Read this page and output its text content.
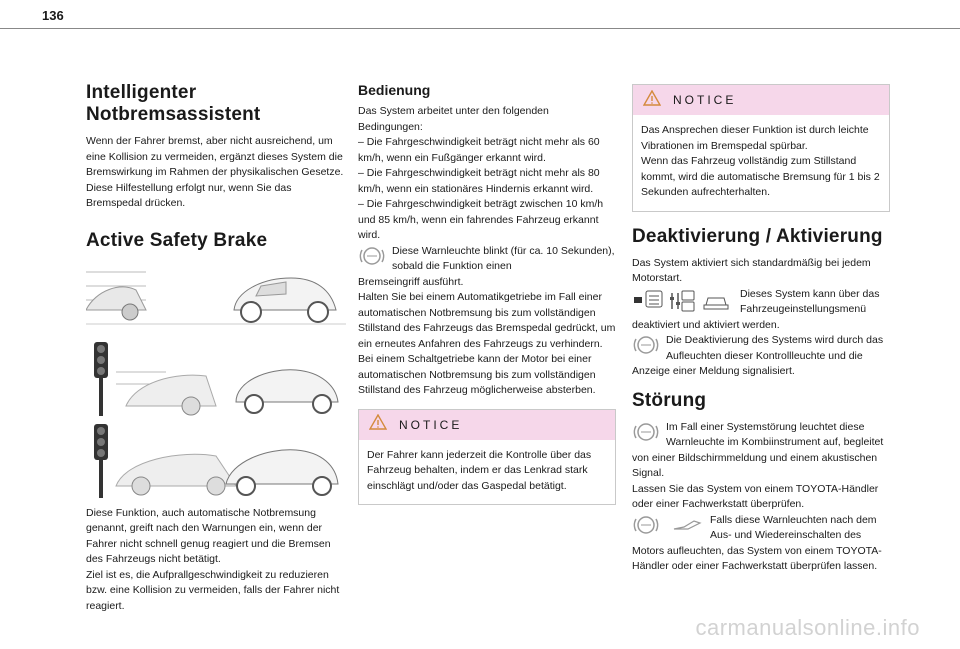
136
Intelligenter Notbremsassistent

Wenn der Fahrer bremst, aber nicht ausreichend, um eine Kollision zu vermeiden, ergänzt dieses System die Bremswirkung im Rahmen der physikalischen Gesetze.
Diese Hilfestellung erfolgt nur, wenn Sie das Bremspedal drücken.

Active Safety Brake

Diese Funktion, auch automatische Notbremsung genannt, greift nach den Warnungen ein, wenn der Fahrer nicht schnell genug reagiert und die Bremsen des Fahrzeugs nicht betätigt.
Ziel ist es, die Aufprallgeschwindigkeit zu reduzieren bzw. eine Kollision zu vermeiden, falls der Fahrer nicht reagiert.

Bedienung

Das System arbeitet unter den folgenden Bedingungen:
– Die Fahrgeschwindigkeit beträgt nicht mehr als 60 km/h, wenn ein Fußgänger erkannt wird.
– Die Fahrgeschwindigkeit beträgt nicht mehr als 80 km/h, wenn ein stationäres Hindernis erkannt wird.
– Die Fahrgeschwindigkeit beträgt zwischen 10 km/h und 85 km/h, wenn ein fahrendes Fahrzeug erkannt wird.

Diese Warnleuchte blinkt (für ca. 10 Sekunden), sobald die Funktion einen

Bremseingriff ausführt.
Halten Sie bei einem Automatikgetriebe im Fall einer automatischen Notbremsung bis zum vollständigen Stillstand des Fahrzeugs das Bremspedal gedrückt, um ein erneutes Anfahren des Fahrzeugs zu verhindern.
Bei einem Schaltgetriebe kann der Motor bei einer automatischen Notbremsung bis zum vollständigen Stillstand des Fahrzeug möglicherweise absterben.

NOTICE

Der Fahrer kann jederzeit die Kontrolle über das Fahrzeug behalten, indem er das Lenkrad stark einschlägt und/oder das Gaspedal betätigt.

NOTICE

Das Ansprechen dieser Funktion ist durch leichte Vibrationen im Bremspedal spürbar.
Wenn das Fahrzeug vollständig zum Stillstand kommt, wird die automatische Bremsung für 1 bis 2 Sekunden aufrechterhalten.

Deaktivierung / Aktivierung

Das System aktiviert sich standardmäßig bei jedem Motorstart.

Dieses System kann über das Fahrzeugeinstellungsmenü

deaktiviert und aktiviert werden.

Die Deaktivierung des Systems wird durch das Aufleuchten dieser Kontrollleuchte und die

Anzeige einer Meldung signalisiert.

Störung

Im Fall einer Systemstörung leuchtet diese Warnleuchte im Kombiinstrument auf, begleitet

von einer Bildschirmmeldung und einem akustischen Signal.
Lassen Sie das System von einem TOYOTA-Händler oder einer Fachwerkstatt überprüfen.

Falls diese Warnleuchten nach dem Aus- und Wiedereinschalten des

Motors aufleuchten, das System von einem TOYOTA-Händler oder einer Fachwerkstatt überprüfen lassen.

carmanualsonline.info
